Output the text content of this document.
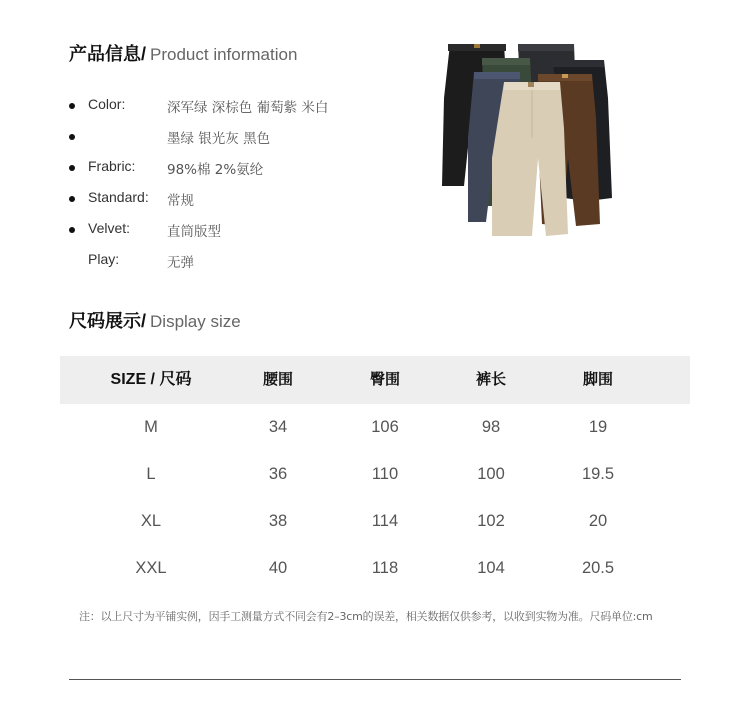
产品信息 / Product information
Color:	深军绿 深棕色 葡萄紫 米白
墨绿 银光灰 黑色
Frabric: 98%棉 2%氨纶
Standard: 常规
Velvet:	直筒版型
Play:	无弹
尺码展示 / Display size
SIZE / 尺码	腰围	臀围	裤长	脚围
M	34	106	98	19
L	36	110	100	19.5
XL	38	114	102	20
XXL	40	118	104	20.5
注：以上尺寸为平铺实例，因手工测量方式不同会有2–3cm的误差，相关数据仅供参考，以收到实物为准。尺码单位:cm
